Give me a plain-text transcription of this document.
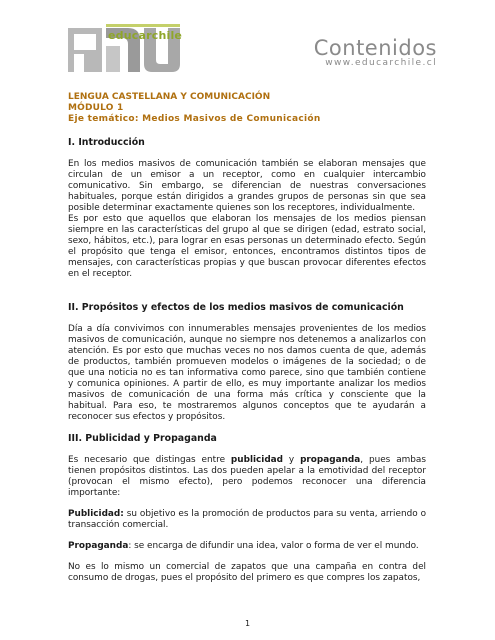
educarchile
Contenidos
www.educarchile.cl
LENGUA CASTELLANA Y COMUNICACIÓN
MÓDULO 1
Eje temático: Medios Masivos de Comunicación
I. Introducción

En los medios masivos de comunicación también se elaboran mensajes que circulan de un emisor a un receptor, como en cualquier intercambio comunicativo. Sin embargo, se diferencian de nuestras conversaciones habituales, porque están dirigidos a grandes grupos de personas sin que sea posible determinar exactamente quienes son los receptores, individualmente.

Es por esto que aquellos que elaboran los mensajes de los medios piensan siempre en las características del grupo al que se dirigen (edad, estrato social, sexo, hábitos, etc.), para lograr en esas personas un determinado efecto. Según el propósito que tenga el emisor, entonces, encontramos distintos tipos de mensajes, con características propias y que buscan provocar diferentes efectos en el receptor.

II. Propósitos y efectos de los medios masivos de comunicación

Día a día convivimos con innumerables mensajes provenientes de los medios masivos de comunicación, aunque no siempre nos detenemos a analizarlos con atención. Es por esto que muchas veces no nos damos cuenta de que, además de productos, también promueven modelos o imágenes de la sociedad; o de que una noticia no es tan informativa como parece, sino que también contiene y comunica opiniones. A partir de ello, es muy importante analizar los medios masivos de comunicación de una forma más crítica y consciente que la habitual. Para eso, te mostraremos algunos conceptos que te ayudarán a reconocer sus efectos y propósitos.

III. Publicidad y Propaganda

Es necesario que distingas entre publicidad y propaganda, pues ambas tienen propósitos distintos. Las dos pueden apelar a la emotividad del receptor (provocan el mismo efecto), pero podemos reconocer una diferencia importante:

Publicidad: su objetivo es la promoción de productos para su venta, arriendo o transacción comercial.

Propaganda: se encarga de difundir una idea, valor o forma de ver el mundo.

No es lo mismo un comercial de zapatos que una campaña en contra del consumo de drogas, pues el propósito del primero es que compres los zapatos,

1
